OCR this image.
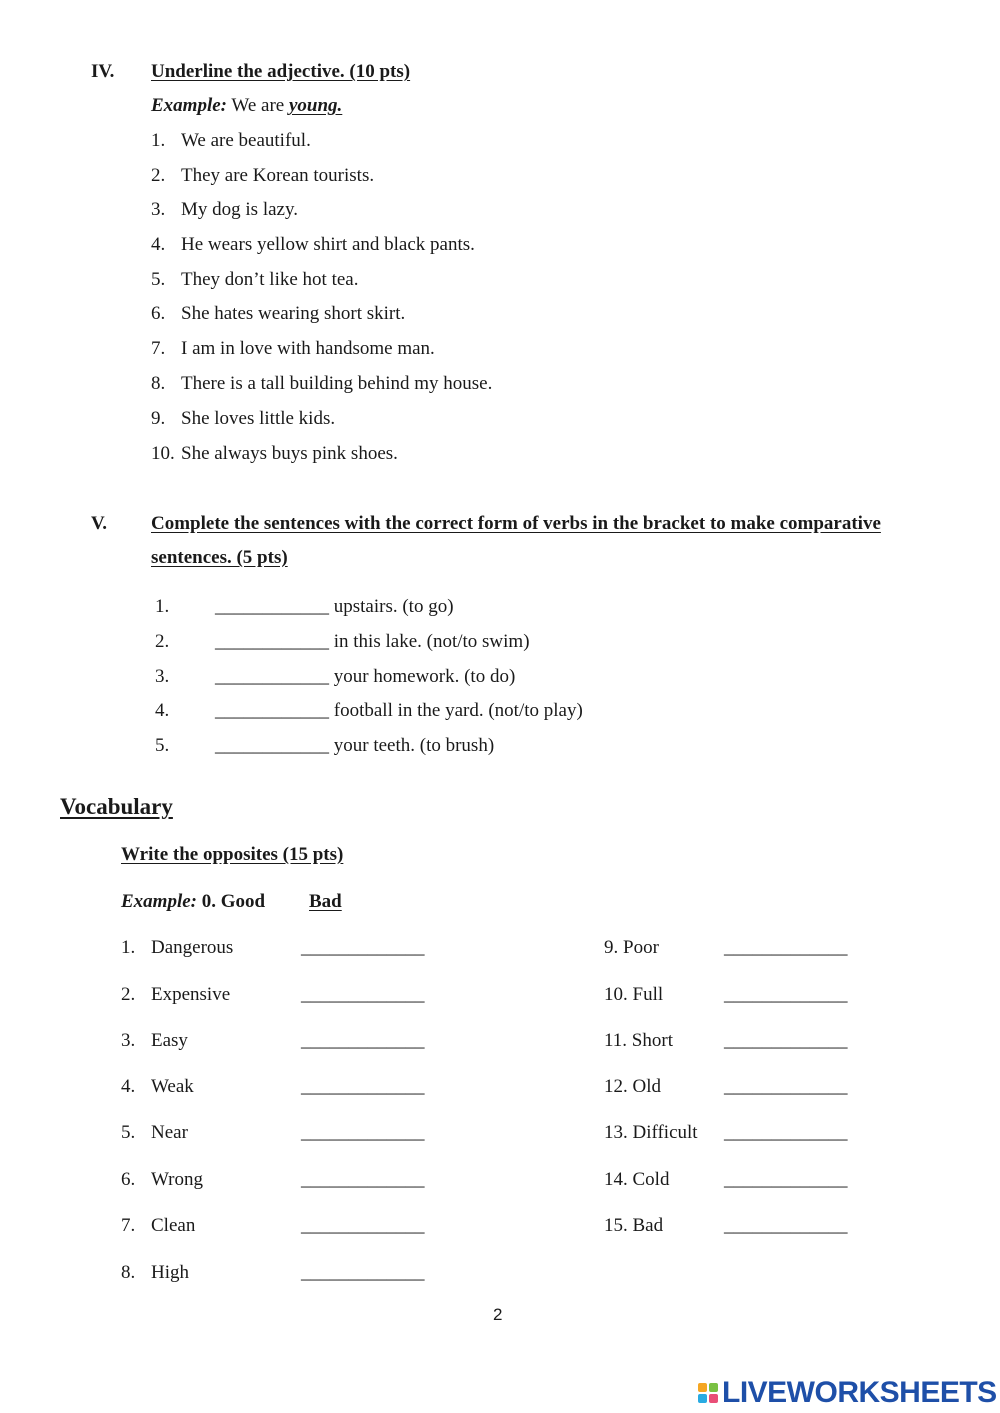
IV. Underline the adjective. (10 pts)
Example: We are young.
1. We are beautiful.
2. They are Korean tourists.
3. My dog is lazy.
4. He wears yellow shirt and black pants.
5. They don’t like hot tea.
6. She hates wearing short skirt.
7. I am in love with handsome man.
8. There is a tall building behind my house.
9. She loves little kids.
10. She always buys pink shoes.
V. Complete the sentences with the correct form of verbs in the bracket to make comparative
sentences. (5 pts)
1. ____________ upstairs. (to go)
2. ____________ in this lake. (not/to swim)
3. ____________ your homework. (to do)
4. ____________ football in the yard. (not/to play)
5. ____________ your teeth. (to brush)
Vocabulary
Write the opposites (15 pts)
Example: 0. Good Bad
1. Dangerous	_____________
2. Expensive	_____________
3. Easy	_____________
4. Weak	_____________
5. Near	_____________
6. Wrong	_____________
7. Clean	_____________
8. High	_____________
9. Poor	_____________
10. Full	_____________
11. Short	_____________
12. Old	_____________
13. Difficult _____________
14. Cold	_____________
15. Bad	_____________
2
LIVEWORKSHEETS
